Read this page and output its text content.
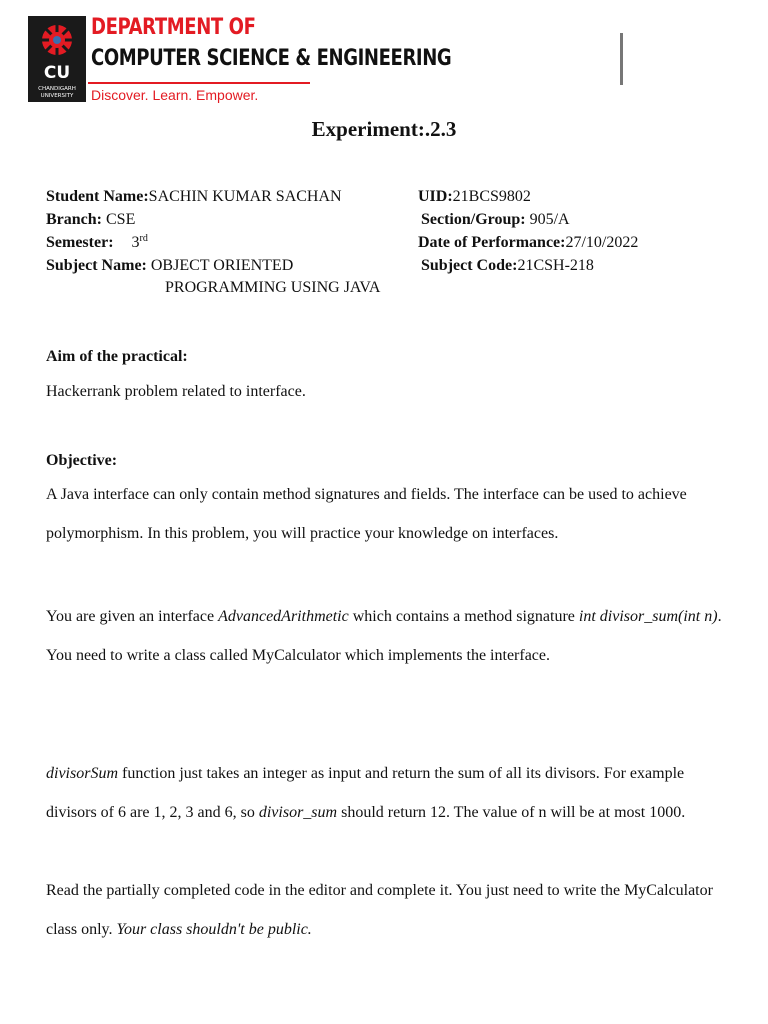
CU
CHANDIGARH
UNIVERSITY
DEPARTMENT OF
COMPUTER SCIENCE & ENGINEERING
Discover. Learn. Empower.
Experiment:.2.3
Student Name:SACHIN KUMAR SACHAN	UID:21BCS9802
Branch: CSE	Section/Group: 905/A
Semester: 3rd	Date of Performance:27/10/2022
Subject Name: OBJECT ORIENTED
PROGRAMMING USING JAVA
Subject Code:21CSH-218
Aim of the practical:
Hackerrank problem related to interface.
Objective:
A Java interface can only contain method signatures and fields. The interface can be used to achieve polymorphism. In this problem, you will practice your knowledge on interfaces.
You are given an interface AdvancedArithmetic which contains a method signature int divisor_sum(int n). You need to write a class called MyCalculator which implements the interface.
divisorSum function just takes an integer as input and return the sum of all its divisors. For example divisors of 6 are 1, 2, 3 and 6, so divisor_sum should return 12. The value of n will be at most 1000.
Read the partially completed code in the editor and complete it. You just need to write the MyCalculator class only. Your class shouldn't be public.
